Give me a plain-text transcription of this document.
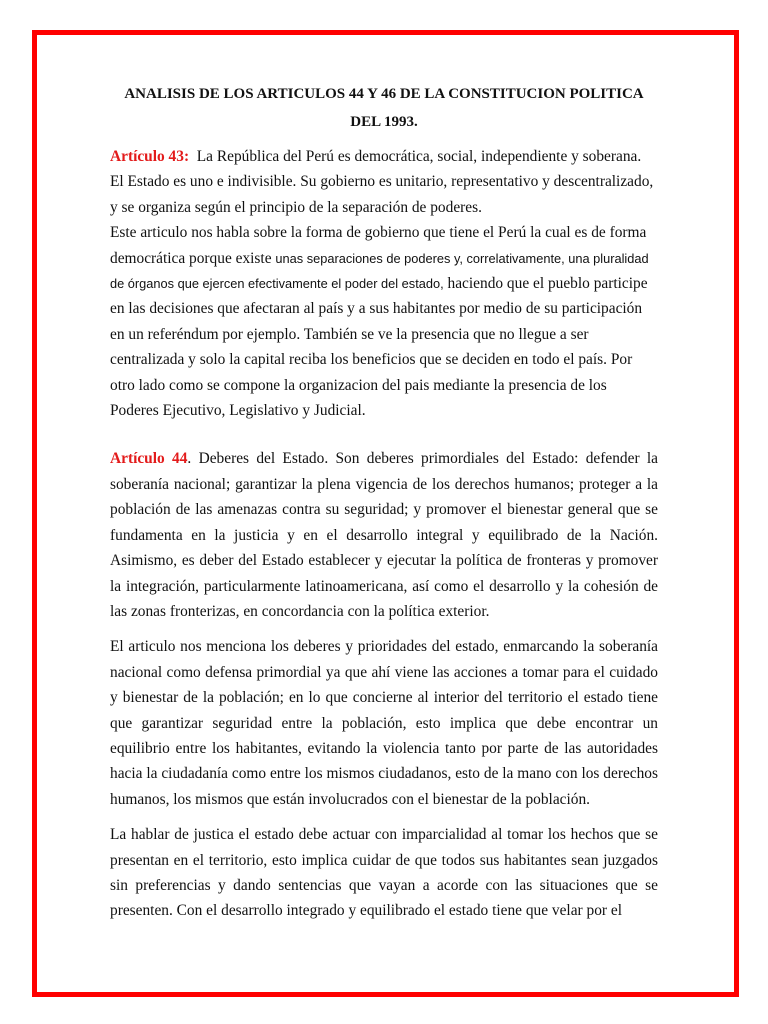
ANALISIS DE LOS ARTICULOS 44 Y 46 DE LA CONSTITUCION POLITICA DEL 1993.

Artículo 43: La República del Perú es democrática, social, independiente y soberana. El Estado es uno e indivisible. Su gobierno es unitario, representativo y descentralizado, y se organiza según el principio de la separación de poderes.

Este articulo nos habla sobre la forma de gobierno que tiene el Perú la cual es de forma democrática porque existe unas separaciones de poderes y, correlativamente, una pluralidad de órganos que ejercen efectivamente el poder del estado, haciendo que el pueblo participe en las decisiones que afectaran al país y a sus habitantes por medio de su participación en un referéndum por ejemplo. También se ve la presencia que no llegue a ser centralizada y solo la capital reciba los beneficios que se deciden en todo el país. Por otro lado como se compone la organizacion del pais mediante la presencia de los Poderes Ejecutivo, Legislativo y Judicial.

Artículo 44. Deberes del Estado. Son deberes primordiales del Estado: defender la soberanía nacional; garantizar la plena vigencia de los derechos humanos; proteger a la población de las amenazas contra su seguridad; y promover el bienestar general que se fundamenta en la justicia y en el desarrollo integral y equilibrado de la Nación. Asimismo, es deber del Estado establecer y ejecutar la política de fronteras y promover la integración, particularmente latinoamericana, así como el desarrollo y la cohesión de las zonas fronterizas, en concordancia con la política exterior.

El articulo nos menciona los deberes y prioridades del estado, enmarcando la soberanía nacional como defensa primordial ya que ahí viene las acciones a tomar para el cuidado y bienestar de la población; en lo que concierne al interior del territorio el estado tiene que garantizar seguridad entre la población, esto implica que debe encontrar un equilibrio entre los habitantes, evitando la violencia tanto por parte de las autoridades hacia la ciudadanía como entre los mismos ciudadanos, esto de la mano con los derechos humanos, los mismos que están involucrados con el bienestar de la población.

La hablar de justica el estado debe actuar con imparcialidad al tomar los hechos que se presentan en el territorio, esto implica cuidar de que todos sus habitantes sean juzgados sin preferencias y dando sentencias que vayan a acorde con las situaciones que se presenten. Con el desarrollo integrado y equilibrado el estado tiene que velar por el
